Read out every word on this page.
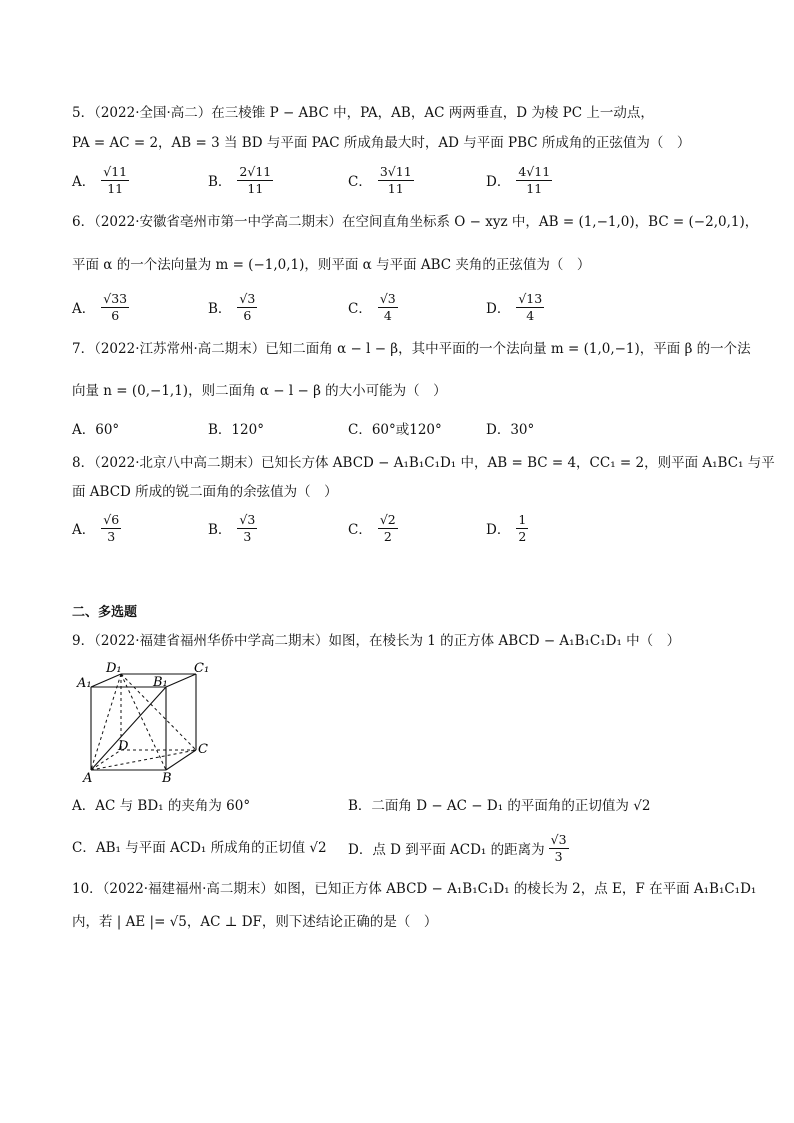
5．（2022·全国·高二）在三棱锥 P − ABC 中，PA，AB，AC 两两垂直，D 为棱 PC 上一动点，
PA = AC = 2，AB = 3 当 BD 与平面 PAC 所成角最大时，AD 与平面 PBC 所成角的正弦值为（　）
A． $\frac{√11}{11}$	B． $\frac{2√11}{11}$	C． $\frac{3√11}{11}$	D． $\frac{4√11}{11}$
6．（2022·安徽省亳州市第一中学高二期末）在空间直角坐标系 O − xyz 中，AB = (1,−1,0)，BC = (−2,0,1)，
平面 α 的一个法向量为 m = (−1,0,1)，则平面 α 与平面 ABC 夹角的正弦值为（　）
A． $\frac{√33}{6}$	B． $\frac{√3}{6}$	C． $\frac{√3}{4}$	D． $\frac{√13}{4}$
7．（2022·江苏常州·高二期末）已知二面角 α − l − β，其中平面的一个法向量 m = (1,0,−1)，平面 β 的一个法
向量 n = (0,−1,1)，则二面角 α − l − β 的大小可能为（　）
A．60°	B．120°	C．60°或120°	D．30°
8．（2022·北京八中高二期末）已知长方体 ABCD − A₁B₁C₁D₁ 中，AB = BC = 4，CC₁ = 2，则平面 A₁BC₁ 与平
面 ABCD 所成的锐二面角的余弦值为（　）
A． $\frac{√6}{3}$	B． $\frac{√3}{3}$	C． $\frac{√2}{2}$	D． $\frac{1}{2}$
二、多选题
9．（2022·福建省福州华侨中学高二期末）如图，在棱长为 1 的正方体 ABCD − A₁B₁C₁D₁ 中（　）
D₁	C₁
A₁	B₁
D	C
A	B
A．AC 与 BD₁ 的夹角为 60°	B．二面角 D − AC − D₁ 的平面角的正切值为 √2
C．AB₁ 与平面 ACD₁ 所成角的正切值 √2 D．点 D 到平面 ACD₁ 的距离为 $\frac{√3}{3}$
10．（2022·福建福州·高二期末）如图，已知正方体 ABCD − A₁B₁C₁D₁ 的棱长为 2，点 E，F 在平面 A₁B₁C₁D₁
内，若 | AE |= √5，AC ⊥ DF，则下述结论正确的是（　）
